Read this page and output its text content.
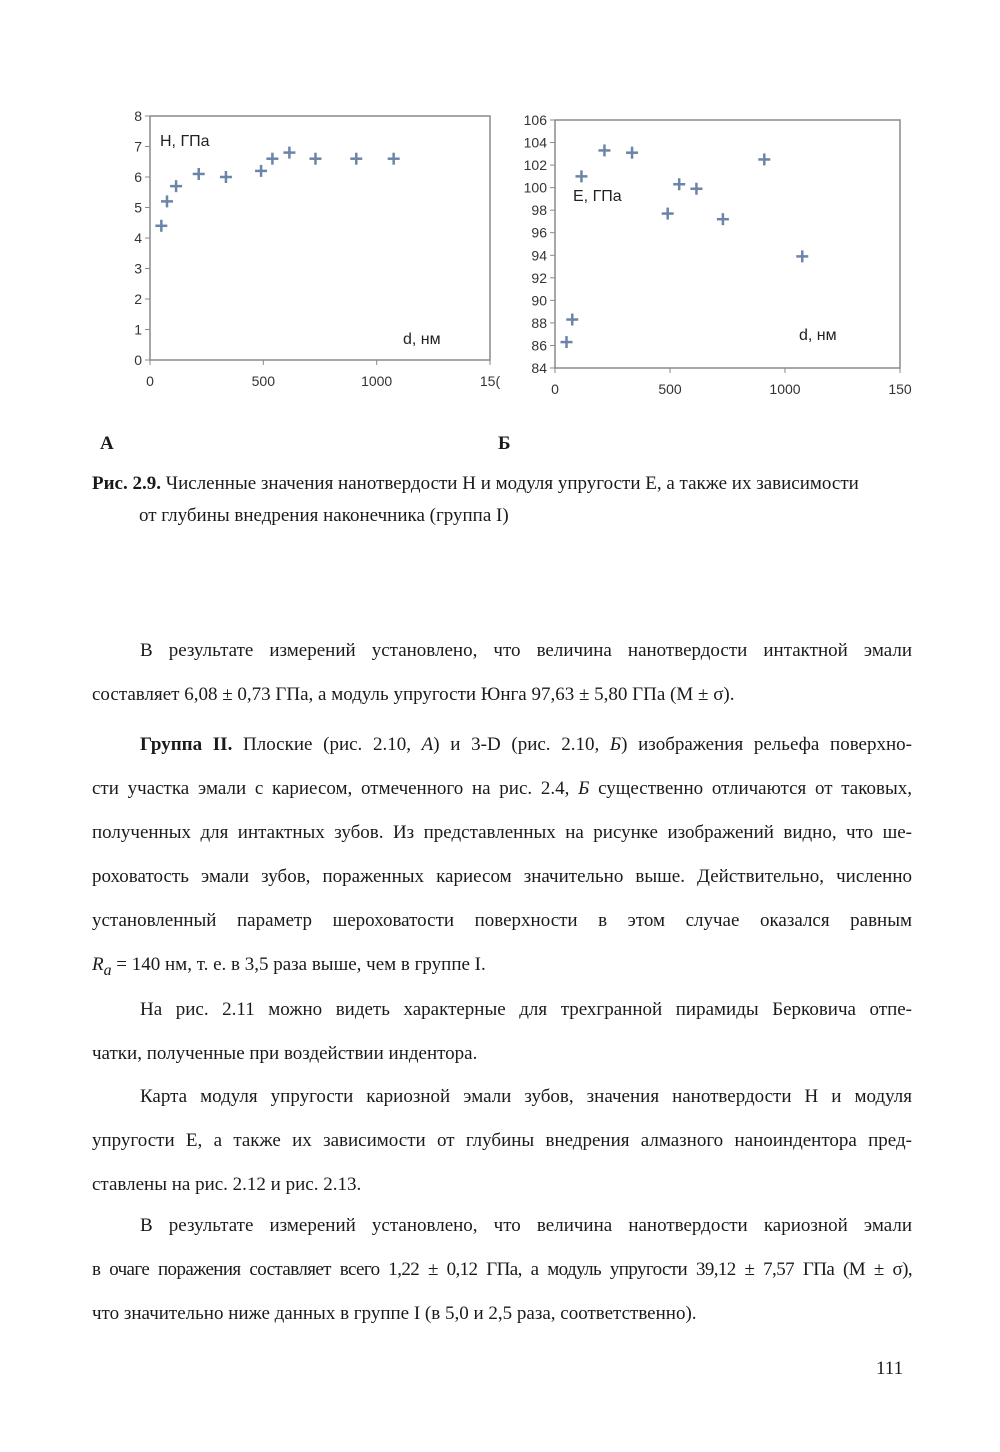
0
1
2
3
4
5
6
7
8
0	500	1000	15(
H, ГПа
d, нм
84
86
88
90
92
94
96
98
100
102
104
106
0	500	1000	150
E, ГПа
d, нм
А	Б
Рис. 2.9. Численные значения нанотвердости H и модуля упругости E, а также их зависимости
от глубины внедрения наконечника (группа I)
В результате измерений установлено, что величина нанотвердости интактной эмали
составляет 6,08 ± 0,73 ГПа, а модуль упругости Юнга 97,63 ± 5,80 ГПа (М ± σ).
Группа II. Плоские (рис. 2.10, А) и 3-D (рис. 2.10, Б) изображения рельефа поверхно-
сти участка эмали с кариесом, отмеченного на рис. 2.4, Б существенно отличаются от таковых,
полученных для интактных зубов. Из представленных на рисунке изображений видно, что ше-
роховатость эмали зубов, пораженных кариесом значительно выше. Действительно, численно
установленный параметр шероховатости поверхности в этом случае оказался равным
$R_a = 140$ нм, т. е. в 3,5 раза выше, чем в группе I.
На рис. 2.11 можно видеть характерные для трехгранной пирамиды Берковича отпе-
чатки, полученные при воздействии индентора.
Карта модуля упругости кариозной эмали зубов, значения нанотвердости H и модуля
упругости E, а также их зависимости от глубины внедрения алмазного наноиндентора пред-
ставлены на рис. 2.12 и рис. 2.13.
В результате измерений установлено, что величина нанотвердости кариозной эмали
в очаге поражения составляет всего 1,22 ± 0,12 ГПа, а модуль упругости 39,12 ± 7,57 ГПа (М ± σ),
что значительно ниже данных в группе I (в 5,0 и 2,5 раза, соответственно).
111
